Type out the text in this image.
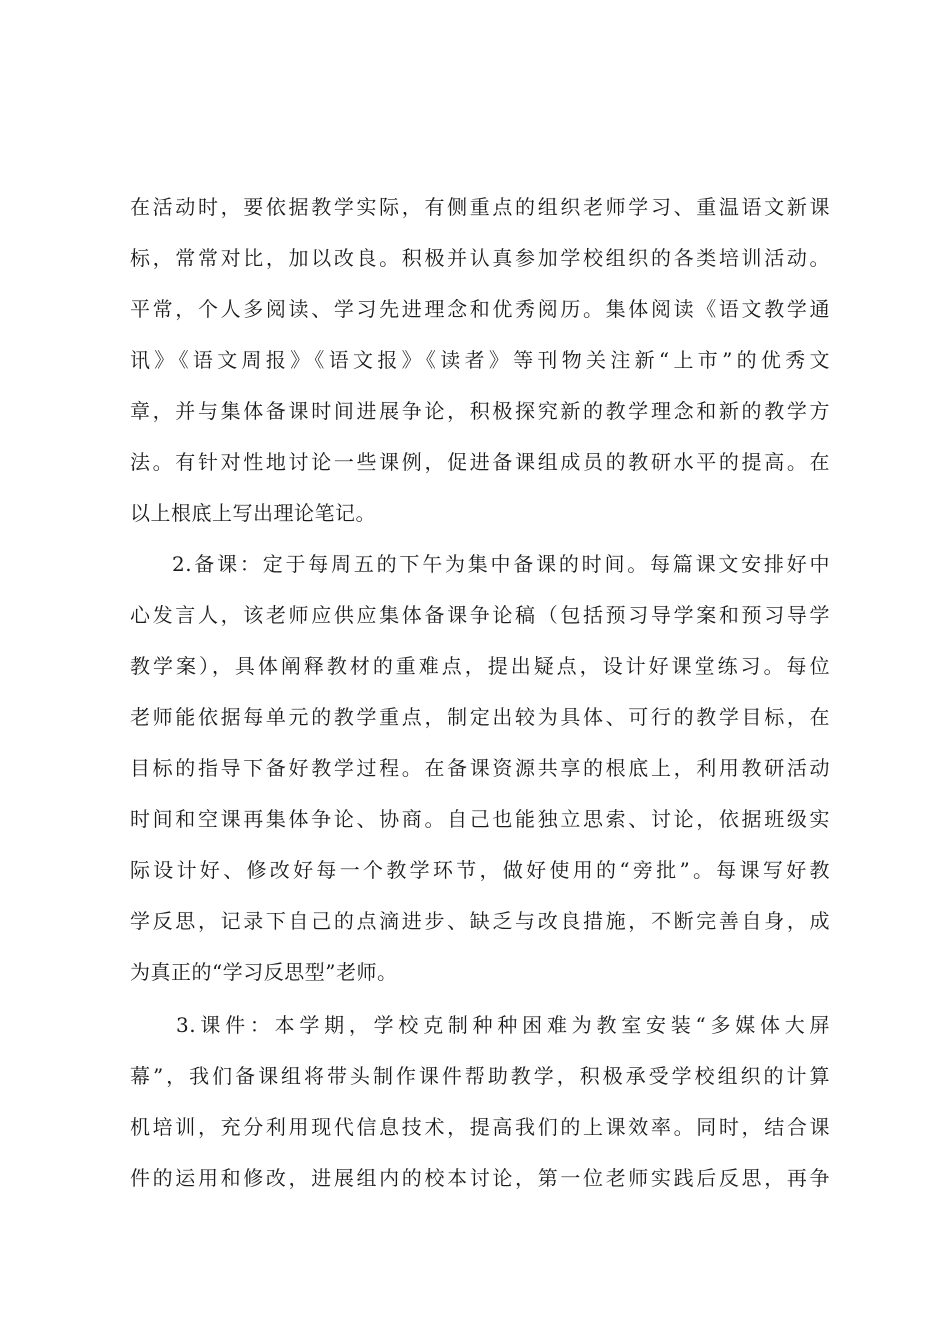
在活动时，要依据教学实际，有侧重点的组织老师学习、重温语文新课
标，常常对比，加以改良。积极并认真参加学校组织的各类培训活动。
平常，个人多阅读、学习先进理念和优秀阅历。集体阅读《语文教学通
讯》《语文周报》《语文报》《读者》等刊物关注新“上市”的优秀文
章，并与集体备课时间进展争论，积极探究新的教学理念和新的教学方
法。有针对性地讨论一些课例，促进备课组成员的教研水平的提高。在
以上根底上写出理论笔记。
2.备课：定于每周五的下午为集中备课的时间。每篇课文安排好中
心发言人，该老师应供应集体备课争论稿（包括预习导学案和预习导学
教学案），具体阐释教材的重难点，提出疑点，设计好课堂练习。每位
老师能依据每单元的教学重点，制定出较为具体、可行的教学目标，在
目标的指导下备好教学过程。在备课资源共享的根底上，利用教研活动
时间和空课再集体争论、协商。自己也能独立思索、讨论，依据班级实
际设计好、修改好每一个教学环节，做好使用的“旁批”。每课写好教
学反思，记录下自己的点滴进步、缺乏与改良措施，不断完善自身，成
为真正的“学习反思型”老师。
3.课件：本学期，学校克制种种困难为教室安装“多媒体大屏
幕”，我们备课组将带头制作课件帮助教学，积极承受学校组织的计算
机培训，充分利用现代信息技术，提高我们的上课效率。同时，结合课
件的运用和修改，进展组内的校本讨论，第一位老师实践后反思，再争
